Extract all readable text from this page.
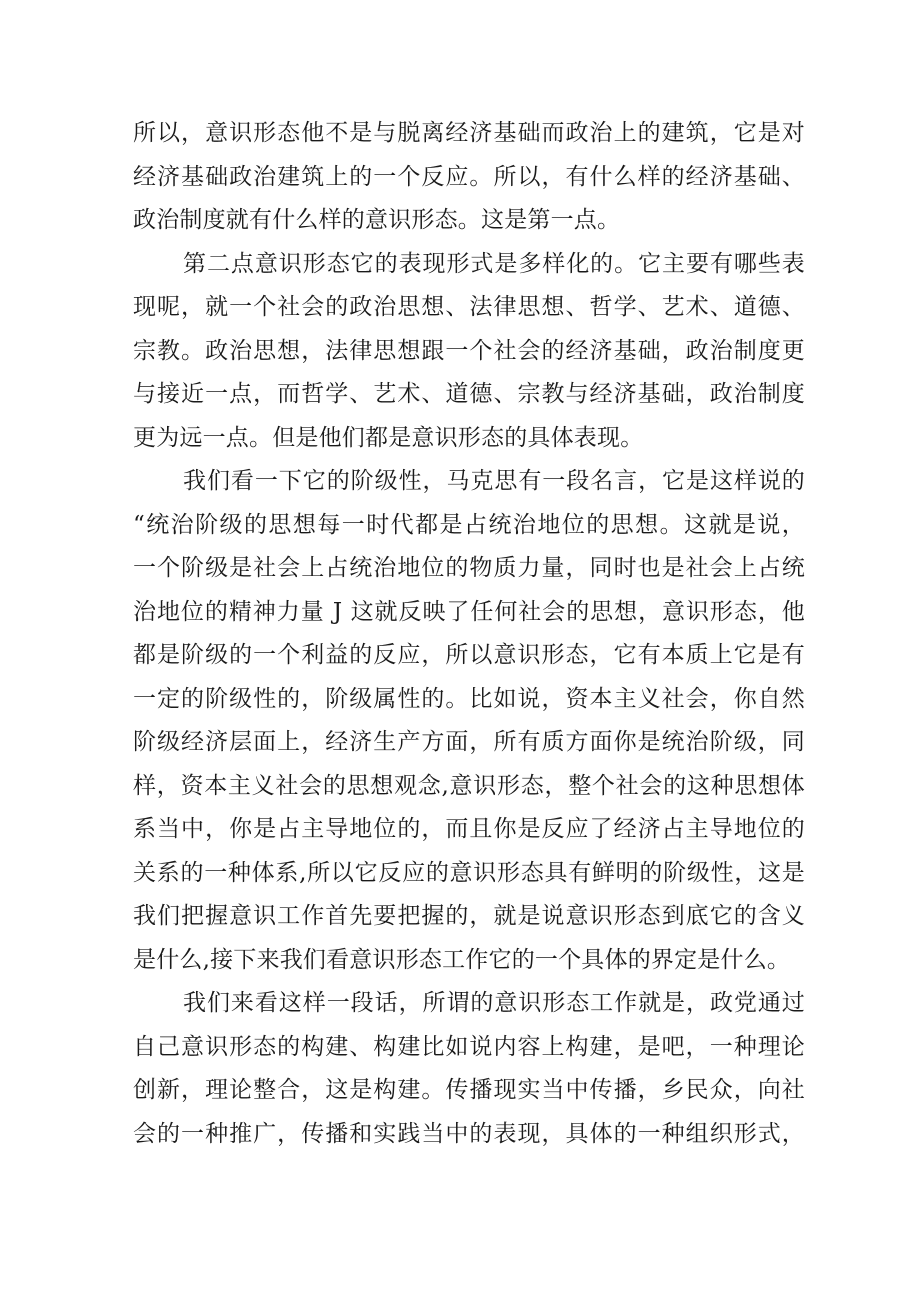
所以，意识形态他不是与脱离经济基础而政治上的建筑，它是对
经济基础政治建筑上的一个反应。所以，有什么样的经济基础、
政治制度就有什么样的意识形态。这是第一点。
第二点意识形态它的表现形式是多样化的。它主要有哪些表
现呢，就一个社会的政治思想、法律思想、哲学、艺术、道德、
宗教。政治思想，法律思想跟一个社会的经济基础，政治制度更
与接近一点，而哲学、艺术、道德、宗教与经济基础，政治制度
更为远一点。但是他们都是意识形态的具体表现。
我们看一下它的阶级性，马克思有一段名言，它是这样说的
“统治阶级的思想每一时代都是占统治地位的思想。这就是说，
一个阶级是社会上占统治地位的物质力量，同时也是社会上占统
治地位的精神力量 J 这就反映了任何社会的思想，意识形态，他
都是阶级的一个利益的反应，所以意识形态，它有本质上它是有
一定的阶级性的，阶级属性的。比如说，资本主义社会，你自然
阶级经济层面上，经济生产方面，所有质方面你是统治阶级，同
样，资本主义社会的思想观念,意识形态，整个社会的这种思想体
系当中，你是占主导地位的，而且你是反应了经济占主导地位的
关系的一种体系,所以它反应的意识形态具有鲜明的阶级性，这是
我们把握意识工作首先要把握的，就是说意识形态到底它的含义
是什么,接下来我们看意识形态工作它的一个具体的界定是什么。
我们来看这样一段话，所谓的意识形态工作就是，政党通过
自己意识形态的构建、构建比如说内容上构建，是吧，一种理论
创新，理论整合，这是构建。传播现实当中传播，乡民众，向社
会的一种推广，传播和实践当中的表现，具体的一种组织形式，
